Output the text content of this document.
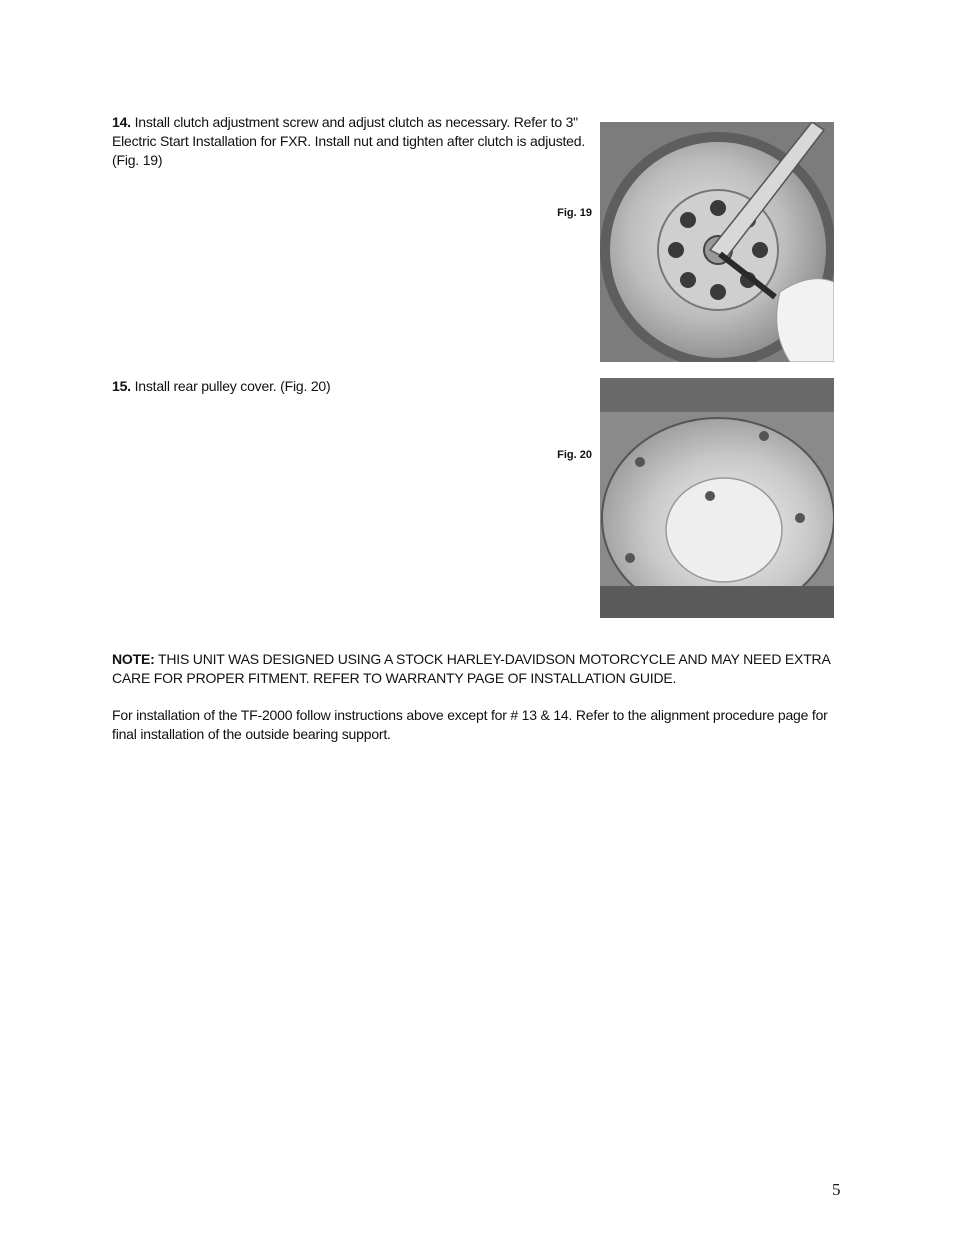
14. Install clutch adjustment screw and adjust clutch as necessary. Refer to 3" Electric Start Installation for FXR. Install nut and tighten after clutch is adjusted. (Fig. 19)
Fig. 19
15. Install rear pulley cover. (Fig. 20)
Fig. 20
NOTE: THIS UNIT WAS DESIGNED USING A STOCK HARLEY-DAVIDSON MOTORCYCLE AND MAY NEED EXTRA CARE FOR PROPER FITMENT. REFER TO WARRANTY PAGE OF INSTALLATION GUIDE.
For installation of the TF-2000 follow instructions above except for # 13 & 14. Refer to the alignment procedure page for final installation of the outside bearing support.
5
